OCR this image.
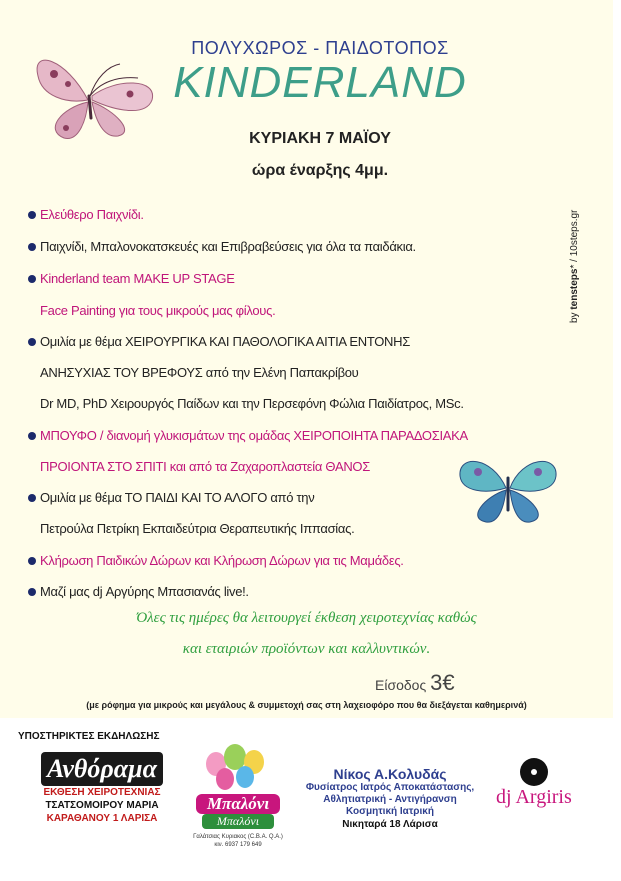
ΠΟΛΥΧΩΡΟΣ - ΠΑΙΔΟΤΟΠΟΣ
KINDERLAND
ΚΥΡΙΑΚΗ 7 ΜΑΪΟΥ
ώρα έναρξης 4μμ.
by tensteps* / 10steps.gr
Ελεύθερο Παιχνίδι.
Παιχνίδι, Μπαλονοκατσκευές και Επιβραβεύσεις για όλα τα παιδάκια.
Kinderland team MAKE UP STAGE
Face Painting για τους μικρούς μας φίλους.
Ομιλία με θέμα ΧΕΙΡΟΥΡΓΙΚΑ ΚΑΙ ΠΑΘΟΛΟΓΙΚΑ ΑΙΤΙΑ ΕΝΤΟΝΗΣ
ΑΝΗΣΥΧΙΑΣ ΤΟΥ ΒΡΕΦΟΥΣ από την Ελένη Παπακρίβου
Dr MD, PhD Χειρουργός Παίδων και την Περσεφόνη Φώλια Παιδίατρος, MSc.
ΜΠΟΥΦΟ / διανομή γλυκισμάτων της ομάδας ΧΕΙΡΟΠΟΙΗΤΑ ΠΑΡΑΔΟΣΙΑΚΑ
ΠΡΟΙΟΝΤΑ ΣΤΟ ΣΠΙΤΙ και από τα Ζαχαροπλαστεία ΘΑΝΟΣ
Ομιλία με θέμα ΤΟ ΠΑΙΔΙ ΚΑΙ ΤΟ ΑΛΟΓΟ από την
Πετρούλα Πετρίκη Εκπαιδεύτρια Θεραπευτικής Ιππασίας.
Κλήρωση Παιδικών Δώρων και Κλήρωση Δώρων για τις Μαμάδες.
Μαζί μας dj Αργύρης Μπασιανάς live!.
Όλες τις ημέρες θα λειτουργεί έκθεση χειροτεχνίας καθώς
και εταιριών προϊόντων και καλλυντικών.
Είσοδος 3€
(με ρόφημα για μικρούς και μεγάλους & συμμετοχή σας στη λαχειοφόρο που θα διεξάγεται καθημερινά)
ΥΠΟΣΤΗΡΙΚΤΕΣ ΕΚΔΗΛΩΣΗΣ
Ανθόραμα
ΕΚΘΕΣΗ ΧΕΙΡΟΤΕΧΝΙΑΣ
ΤΣΑΤΣΟΜΟΙΡΟΥ ΜΑΡΙΑ
ΚΑΡΑΘΑΝΟΥ 1 ΛΑΡΙΣΑ
Μπαλόνι
Μπαλόνι
Γαλάτσιας Κυριακος (C.B.A. Q.A.)
κιν. 6937 179 649
Νίκος Α.Κολυδάς
Φυσίατρος Ιατρός Αποκατάστασης,
Αθλητιατρική - Αντιγήρανση
Κοσμητική Ιατρική
Νικηταρά 18 Λάρισα
dj Argiris
